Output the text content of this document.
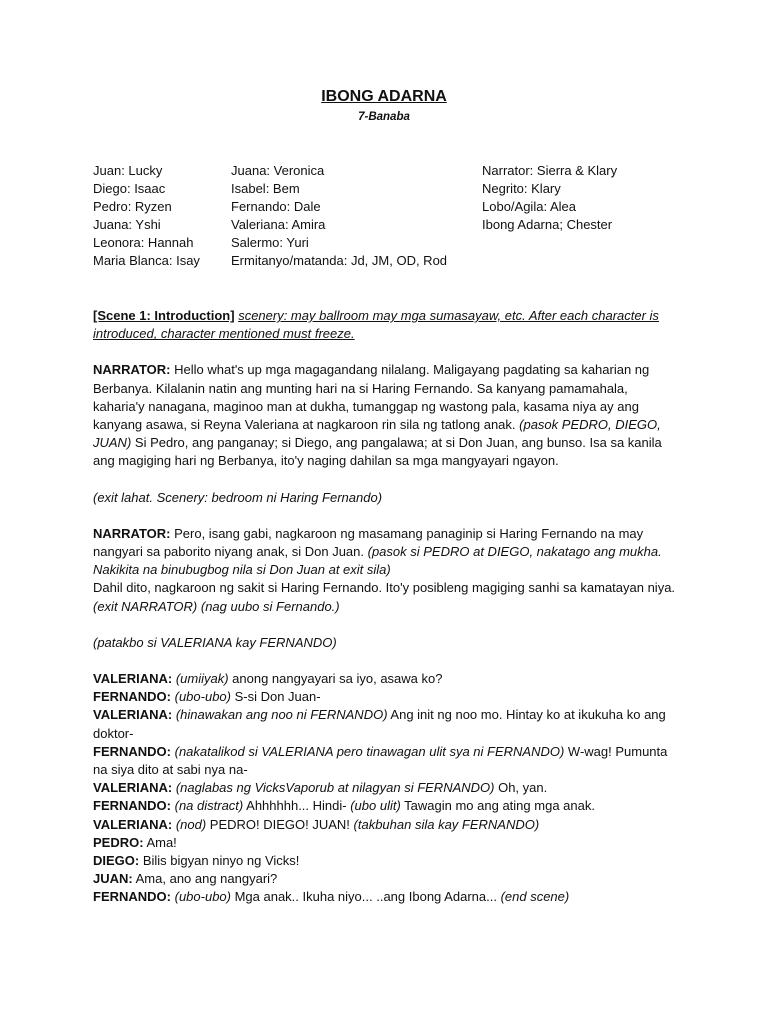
IBONG ADARNA
7-Banaba
Juan: Lucky
Diego: Isaac
Pedro: Ryzen
Juana: Yshi
Leonora: Hannah
Maria Blanca: Isay
Juana: Veronica
Isabel: Bem
Fernando: Dale
Valeriana: Amira
Salermo: Yuri
Ermitanyo/matanda: Jd, JM, OD, Rod
Narrator: Sierra & Klary
Negrito: Klary
Lobo/Agila: Alea
Ibong Adarna; Chester

[Scene 1: Introduction] scenery: may ballroom may mga sumasayaw, etc. After each character is introduced, character mentioned must freeze.

NARRATOR: Hello what's up mga magagandang nilalang. Maligayang pagdating sa kaharian ng Berbanya. Kilalanin natin ang munting hari na si Haring Fernando. Sa kanyang pamamahala, kaharia'y nanagana, maginoo man at dukha, tumanggap ng wastong pala, kasama niya ay ang kanyang asawa, si Reyna Valeriana at nagkaroon rin sila ng tatlong anak. (pasok PEDRO, DIEGO, JUAN) Si Pedro, ang panganay; si Diego, ang pangalawa; at si Don Juan, ang bunso. Isa sa kanila ang magiging hari ng Berbanya, ito'y naging dahilan sa mga mangyayari ngayon.

(exit lahat. Scenery: bedroom ni Haring Fernando)

NARRATOR: Pero, isang gabi, nagkaroon ng masamang panaginip si Haring Fernando na may nangyari sa paborito niyang anak, si Don Juan. (pasok si PEDRO at DIEGO, nakatago ang mukha. Nakikita na binubugbog nila si Don Juan at exit sila)
Dahil dito, nagkaroon ng sakit si Haring Fernando. Ito'y posibleng magiging sanhi sa kamatayan niya. (exit NARRATOR) (nag uubo si Fernando.)

(patakbo si VALERIANA kay FERNANDO)

VALERIANA: (umiiyak) anong nangyayari sa iyo, asawa ko?

FERNANDO: (ubo-ubo) S-si Don Juan-

VALERIANA: (hinawakan ang noo ni FERNANDO) Ang init ng noo mo. Hintay ko at ikukuha ko ang doktor-

FERNANDO: (nakatalikod si VALERIANA pero tinawagan ulit sya ni FERNANDO) W-wag! Pumunta na siya dito at sabi nya na-

VALERIANA: (naglabas ng VicksVaporub at nilagyan si FERNANDO) Oh, yan.

FERNANDO: (na distract) Ahhhhhh... Hindi- (ubo ulit) Tawagin mo ang ating mga anak.

VALERIANA: (nod) PEDRO! DIEGO! JUAN! (takbuhan sila kay FERNANDO)

PEDRO: Ama!

DIEGO: Bilis bigyan ninyo ng Vicks!

JUAN: Ama, ano ang nangyari?

FERNANDO: (ubo-ubo) Mga anak.. Ikuha niyo... ..ang Ibong Adarna... (end scene)
